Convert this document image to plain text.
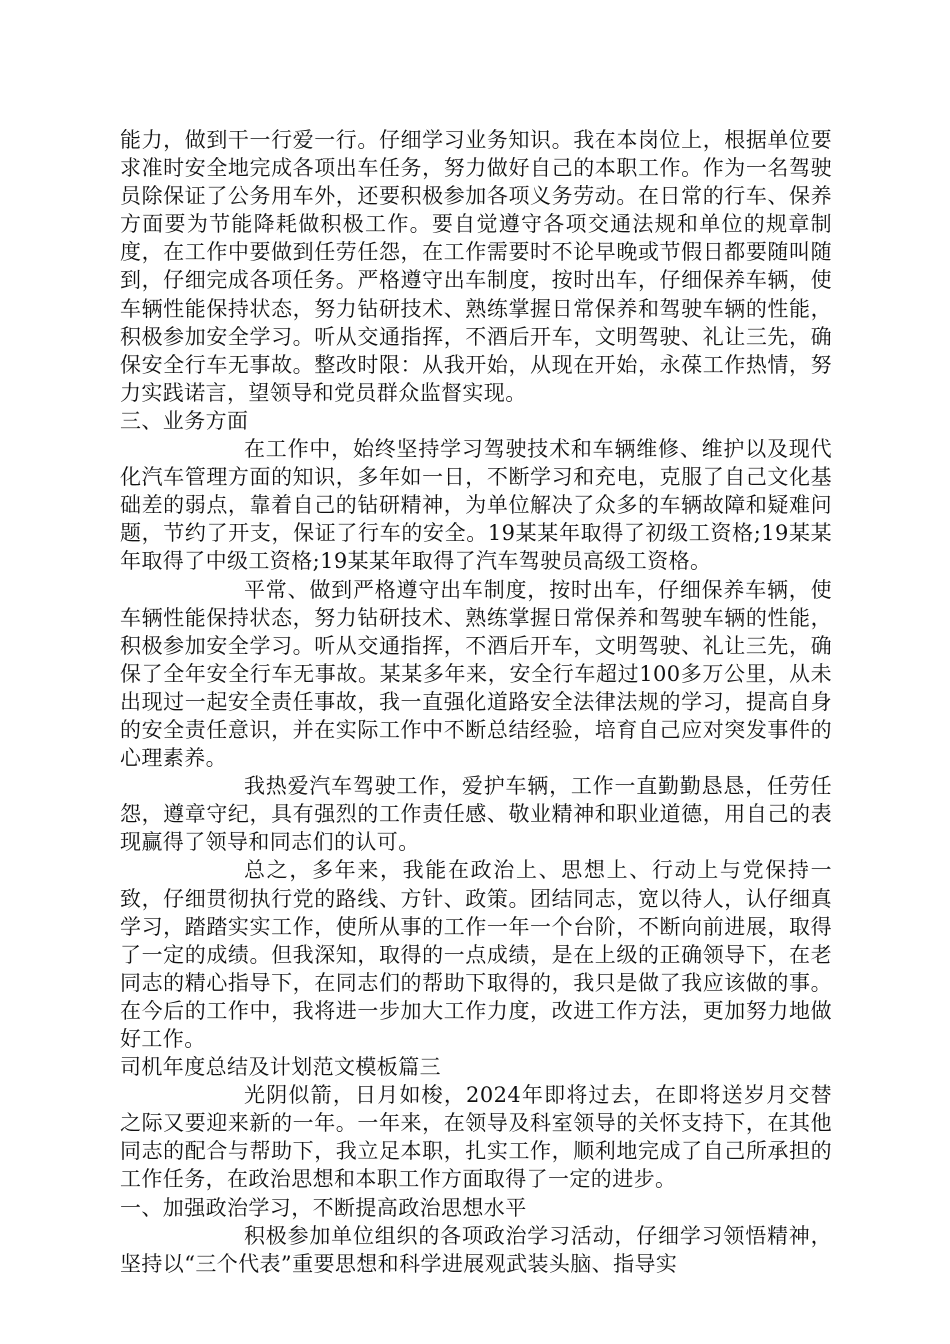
能力，做到干一行爱一行。仔细学习业务知识。我在本岗位上，根据单位要求准时安全地完成各项出车任务，努力做好自己的本职工作。作为一名驾驶员除保证了公务用车外，还要积极参加各项义务劳动。在日常的行车、保养方面要为节能降耗做积极工作。要自觉遵守各项交通法规和单位的规章制度，在工作中要做到任劳任怨，在工作需要时不论早晚或节假日都要随叫随到，仔细完成各项任务。严格遵守出车制度，按时出车，仔细保养车辆，使车辆性能保持状态，努力钻研技术、熟练掌握日常保养和驾驶车辆的性能，积极参加安全学习。听从交通指挥，不酒后开车，文明驾驶、礼让三先，确保安全行车无事故。整改时限：从我开始，从现在开始，永葆工作热情，努力实践诺言，望领导和党员群众监督实现。

三、业务方面

在工作中，始终坚持学习驾驶技术和车辆维修、维护以及现代化汽车管理方面的知识，多年如一日，不断学习和充电，克服了自己文化基础差的弱点，靠着自己的钻研精神，为单位解决了众多的车辆故障和疑难问题，节约了开支，保证了行车的安全。19某某年取得了初级工资格;19某某年取得了中级工资格;19某某年取得了汽车驾驶员高级工资格。

平常、做到严格遵守出车制度，按时出车，仔细保养车辆，使车辆性能保持状态，努力钻研技术、熟练掌握日常保养和驾驶车辆的性能，积极参加安全学习。听从交通指挥，不酒后开车，文明驾驶、礼让三先，确保了全年安全行车无事故。某某多年来，安全行车超过100多万公里，从未出现过一起安全责任事故，我一直强化道路安全法律法规的学习，提高自身的安全责任意识，并在实际工作中不断总结经验，培育自己应对突发事件的心理素养。

我热爱汽车驾驶工作，爱护车辆，工作一直勤勤恳恳，任劳任怨，遵章守纪，具有强烈的工作责任感、敬业精神和职业道德，用自己的表现赢得了领导和同志们的认可。

总之，多年来，我能在政治上、思想上、行动上与党保持一致，仔细贯彻执行党的路线、方针、政策。团结同志，宽以待人，认仔细真学习，踏踏实实工作，使所从事的工作一年一个台阶，不断向前进展，取得了一定的成绩。但我深知，取得的一点成绩，是在上级的正确领导下，在老同志的精心指导下，在同志们的帮助下取得的，我只是做了我应该做的事。在今后的工作中，我将进一步加大工作力度，改进工作方法，更加努力地做好工作。

司机年度总结及计划范文模板篇三

光阴似箭，日月如梭，2024年即将过去，在即将送岁月交替之际又要迎来新的一年。一年来，在领导及科室领导的关怀支持下，在其他同志的配合与帮助下，我立足本职，扎实工作，顺利地完成了自己所承担的工作任务，在政治思想和本职工作方面取得了一定的进步。

一、加强政治学习，不断提高政治思想水平

积极参加单位组织的各项政治学习活动，仔细学习领悟精神，坚持以“三个代表”重要思想和科学进展观武装头脑、指导实
